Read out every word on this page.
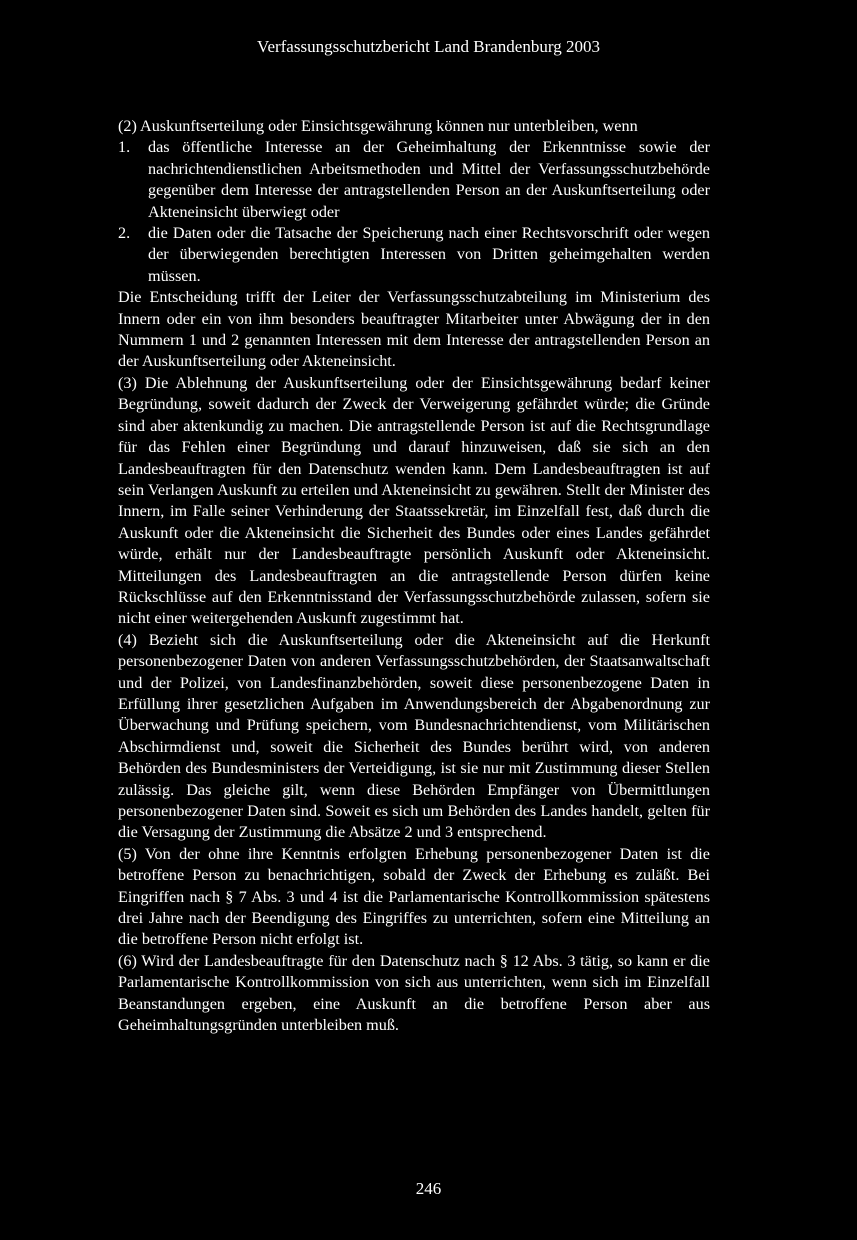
Verfassungsschutzbericht Land Brandenburg 2003

(2) Auskunftserteilung oder Einsichtsgewährung können nur unterbleiben, wenn

1. das öffentliche Interesse an der Geheimhaltung der Erkenntnisse sowie der nachrichtendienstlichen Arbeitsmethoden und Mittel der Verfassungsschutzbehörde gegenüber dem Interesse der antragstellenden Person an der Auskunftserteilung oder Akteneinsicht überwiegt oder
2. die Daten oder die Tatsache der Speicherung nach einer Rechtsvorschrift oder wegen der überwiegenden berechtigten Interessen von Dritten geheimgehalten werden müssen.

Die Entscheidung trifft der Leiter der Verfassungsschutzabteilung im Ministerium des Innern oder ein von ihm besonders beauftragter Mitarbeiter unter Abwägung der in den Nummern 1 und 2 genannten Interessen mit dem Interesse der antragstellenden Person an der Auskunftserteilung oder Akteneinsicht.

(3) Die Ablehnung der Auskunftserteilung oder der Einsichtsgewährung bedarf keiner Begründung, soweit dadurch der Zweck der Verweigerung gefährdet würde; die Gründe sind aber aktenkundig zu machen. Die antragstellende Person ist auf die Rechtsgrundlage für das Fehlen einer Begründung und darauf hinzuweisen, daß sie sich an den Landesbeauftragten für den Datenschutz wenden kann. Dem Landesbeauftragten ist auf sein Verlangen Auskunft zu erteilen und Akteneinsicht zu gewähren. Stellt der Minister des Innern, im Falle seiner Verhinderung der Staatssekretär, im Einzelfall fest, daß durch die Auskunft oder die Akteneinsicht die Sicherheit des Bundes oder eines Landes gefährdet würde, erhält nur der Landesbeauftragte persönlich Auskunft oder Akteneinsicht. Mitteilungen des Landesbeauftragten an die antragstellende Person dürfen keine Rückschlüsse auf den Erkenntnisstand der Verfassungsschutzbehörde zulassen, sofern sie nicht einer weitergehenden Auskunft zugestimmt hat.

(4) Bezieht sich die Auskunftserteilung oder die Akteneinsicht auf die Herkunft personenbezogener Daten von anderen Verfassungsschutzbehörden, der Staatsanwaltschaft und der Polizei, von Landesfinanzbehörden, soweit diese personenbezogene Daten in Erfüllung ihrer gesetzlichen Aufgaben im Anwendungsbereich der Abgabenordnung zur Überwachung und Prüfung speichern, vom Bundesnachrichtendienst, vom Militärischen Abschirmdienst und, soweit die Sicherheit des Bundes berührt wird, von anderen Behörden des Bundesministers der Verteidigung, ist sie nur mit Zustimmung dieser Stellen zulässig. Das gleiche gilt, wenn diese Behörden Empfänger von Übermittlungen personenbezogener Daten sind. Soweit es sich um Behörden des Landes handelt, gelten für die Versagung der Zustimmung die Absätze 2 und 3 entsprechend.

(5) Von der ohne ihre Kenntnis erfolgten Erhebung personenbezogener Daten ist die betroffene Person zu benachrichtigen, sobald der Zweck der Erhebung es zuläßt. Bei Eingriffen nach § 7 Abs. 3 und 4 ist die Parlamentarische Kontrollkommission spätestens drei Jahre nach der Beendigung des Eingriffes zu unterrichten, sofern eine Mitteilung an die betroffene Person nicht erfolgt ist.

(6) Wird der Landesbeauftragte für den Datenschutz nach § 12 Abs. 3 tätig, so kann er die Parlamentarische Kontrollkommission von sich aus unterrichten, wenn sich im Einzelfall Beanstandungen ergeben, eine Auskunft an die betroffene Person aber aus Geheimhaltungsgründen unterbleiben muß.

246
